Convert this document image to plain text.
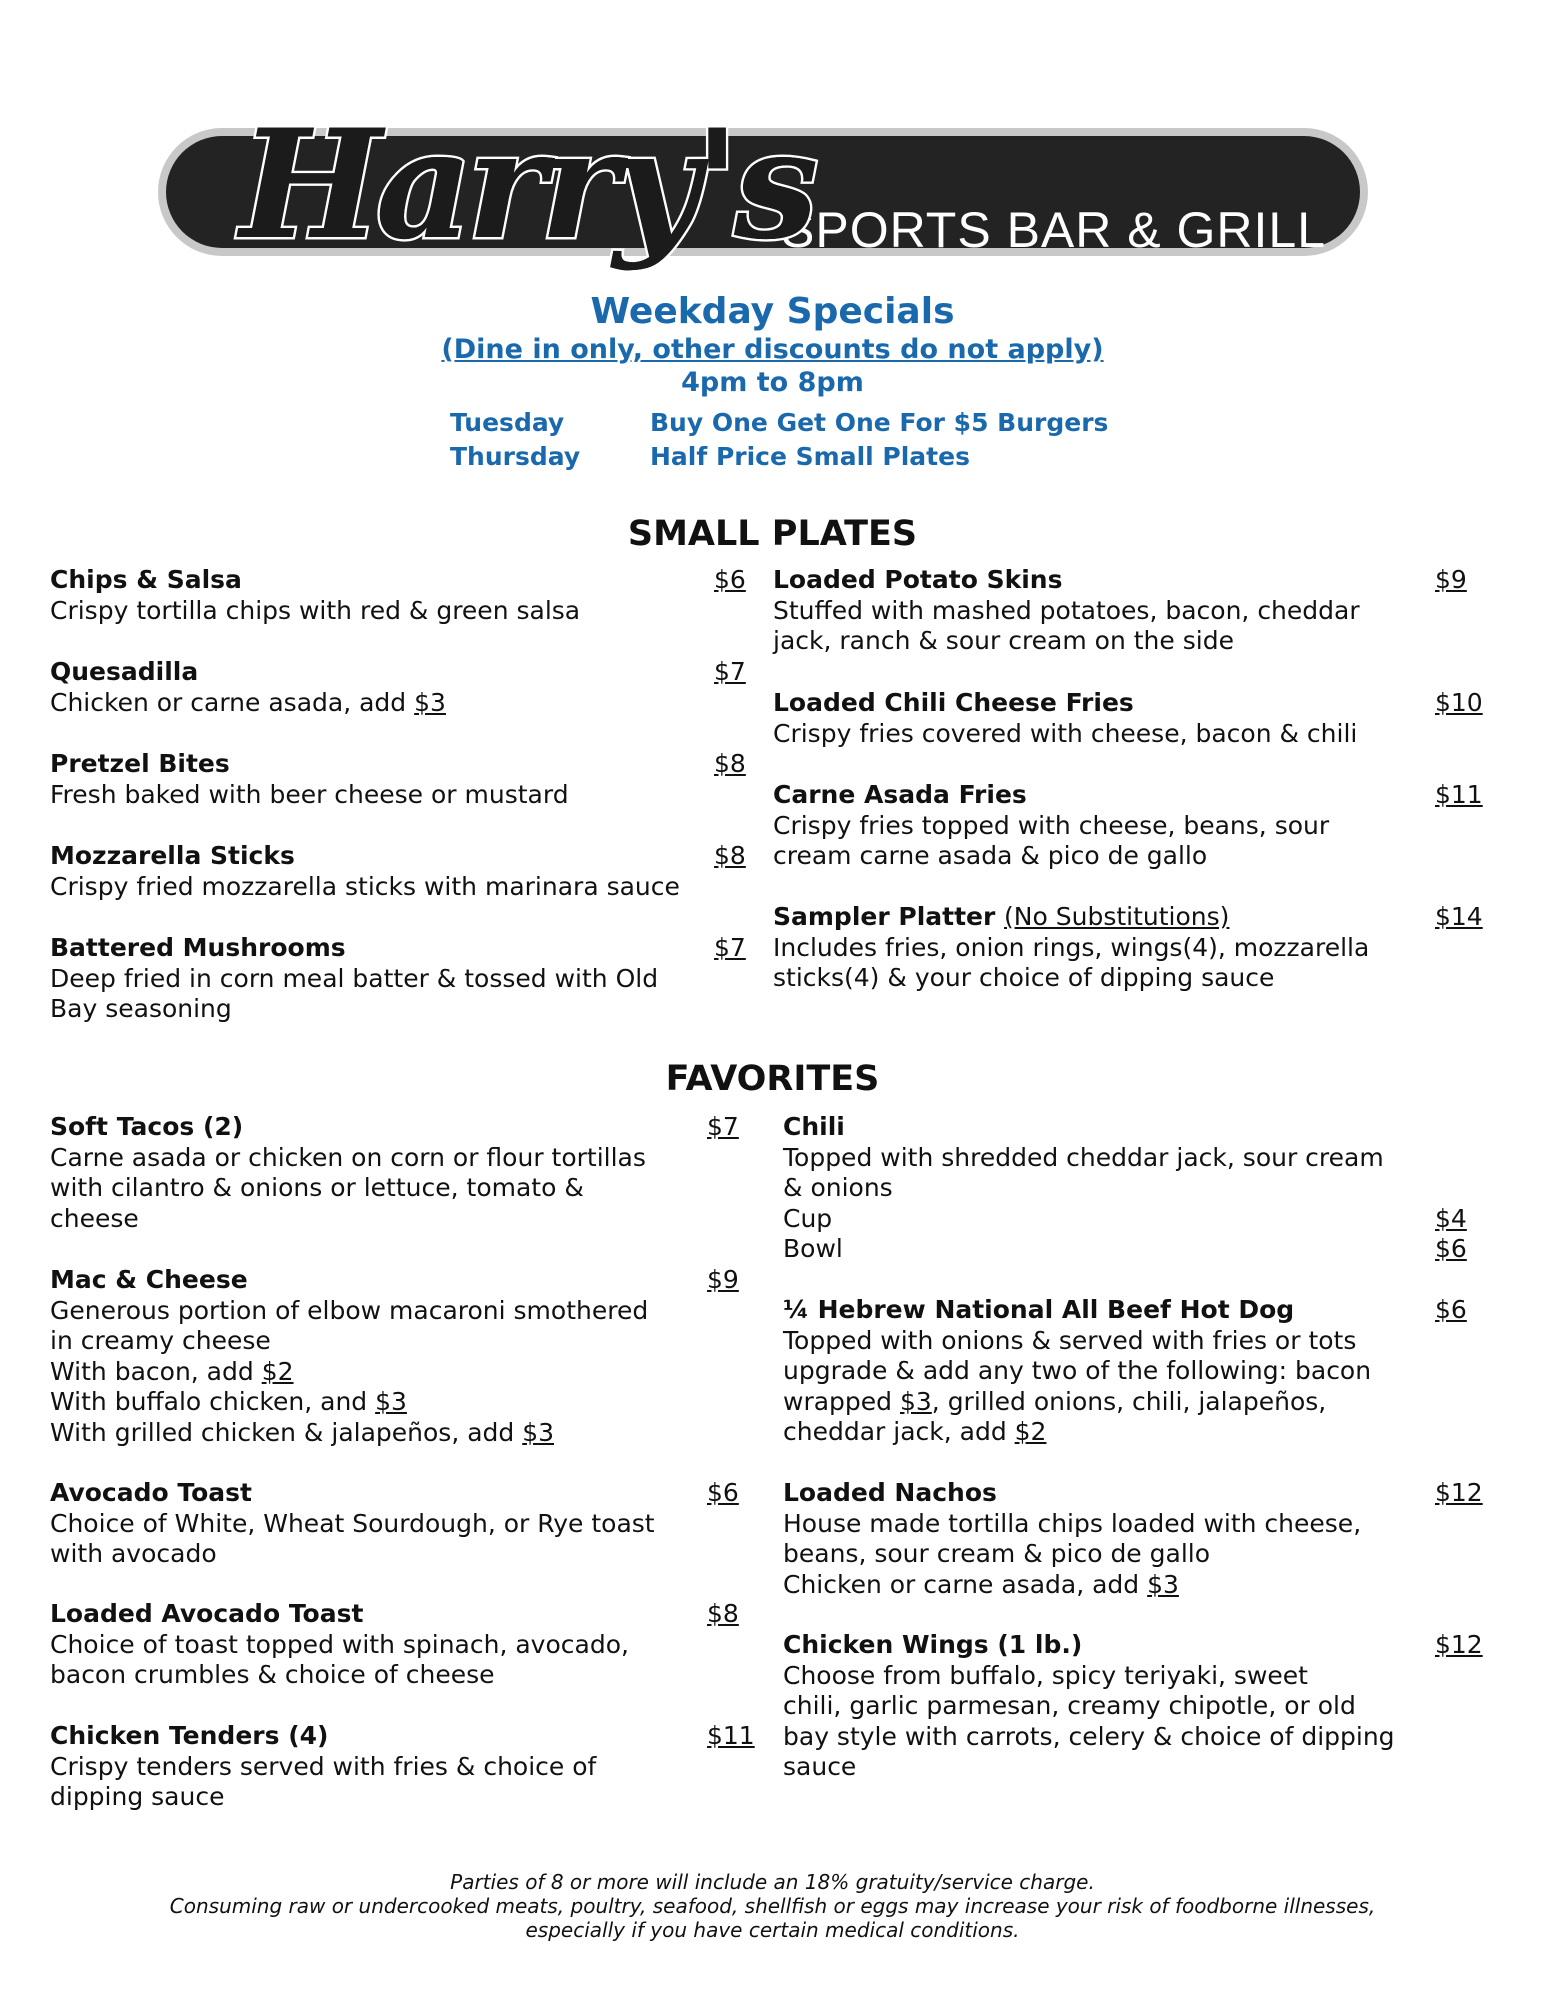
SPORTS BAR & GRILL
Harry's
Weekday Specials
(Dine in only, other discounts do not apply)
4pm to 8pm
Tuesday	Buy One Get One For $5 Burgers
Thursday	Half Price Small Plates
SMALL PLATES
Chips & Salsa	$6
Crispy tortilla chips with red & green salsa
Quesadilla	$7
Chicken or carne asada, add $3
Pretzel Bites	$8
Fresh baked with beer cheese or mustard
Mozzarella Sticks	$8
Crispy fried mozzarella sticks with marinara sauce
Battered Mushrooms	$7
Deep fried in corn meal batter & tossed with Old
Bay seasoning
Loaded Potato Skins	$9
Stuffed with mashed potatoes, bacon, cheddar
jack, ranch & sour cream on the side
Loaded Chili Cheese Fries	$10
Crispy fries covered with cheese, bacon & chili
Carne Asada Fries	$11
Crispy fries topped with cheese, beans, sour
cream carne asada & pico de gallo
Sampler Platter (No Substitutions)	$14
Includes fries, onion rings, wings(4), mozzarella
sticks(4) & your choice of dipping sauce
FAVORITES
Soft Tacos (2)	$7
Carne asada or chicken on corn or flour tortillas
with cilantro & onions or lettuce, tomato &
cheese
Mac & Cheese	$9
Generous portion of elbow macaroni smothered
in creamy cheese
With bacon, add $2
With buffalo chicken, and $3
With grilled chicken & jalapeños, add $3
Avocado Toast	$6
Choice of White, Wheat Sourdough, or Rye toast
with avocado
Loaded Avocado Toast	$8
Choice of toast topped with spinach, avocado,
bacon crumbles & choice of cheese
Chicken Tenders (4)	$11
Crispy tenders served with fries & choice of
dipping sauce
Chili
Topped with shredded cheddar jack, sour cream
& onions
Cup	$4
Bowl	$6
¼ Hebrew National All Beef Hot Dog	$6
Topped with onions & served with fries or tots
upgrade & add any two of the following: bacon
wrapped $3, grilled onions, chili, jalapeños,
cheddar jack, add $2
Loaded Nachos	$12
House made tortilla chips loaded with cheese,
beans, sour cream & pico de gallo
Chicken or carne asada, add $3
Chicken Wings (1 lb.)	$12
Choose from buffalo, spicy teriyaki, sweet
chili, garlic parmesan, creamy chipotle, or old
bay style with carrots, celery & choice of dipping
sauce
Parties of 8 or more will include an 18% gratuity/service charge.
Consuming raw or undercooked meats, poultry, seafood, shellfish or eggs may increase your risk of foodborne illnesses,
especially if you have certain medical conditions.
